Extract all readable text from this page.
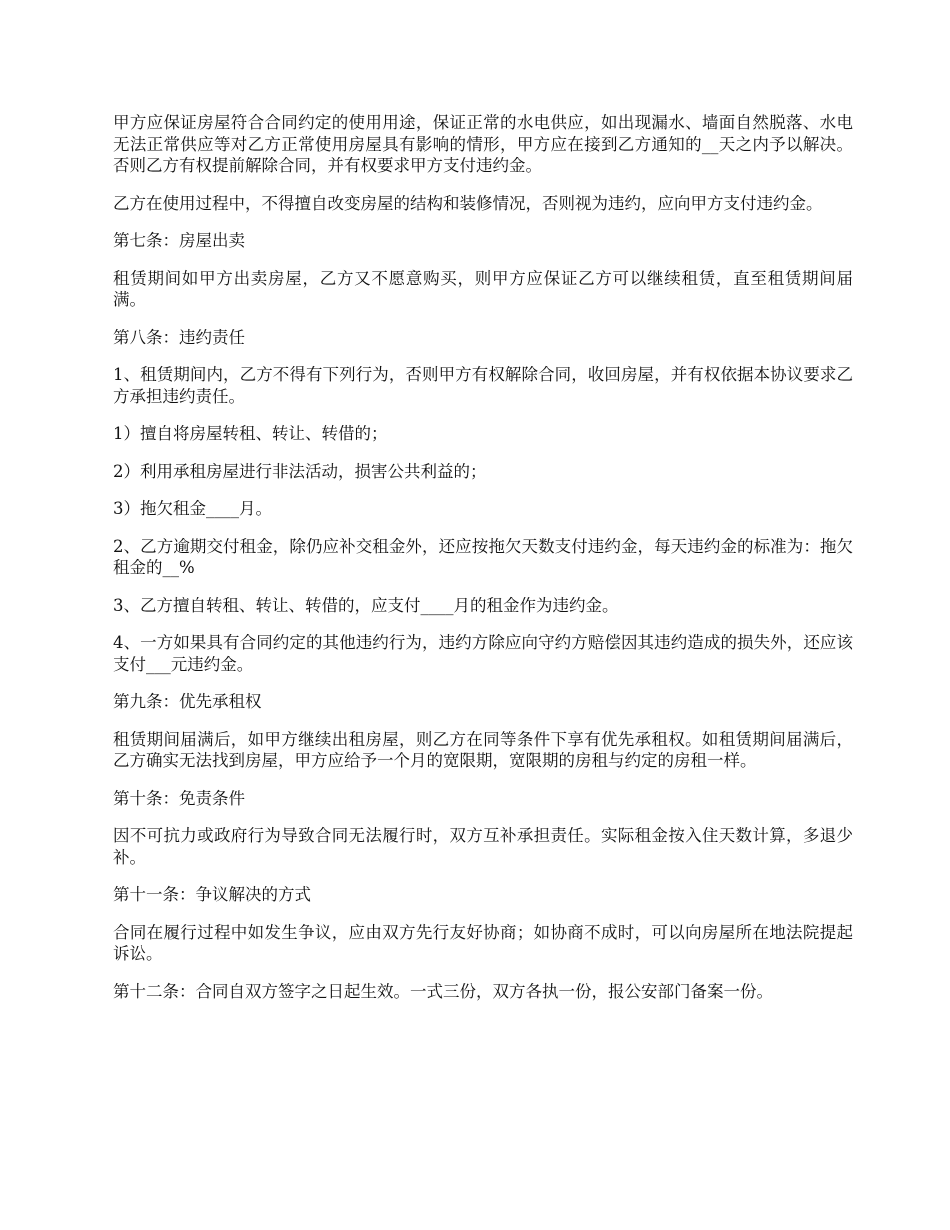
甲方应保证房屋符合合同约定的使用用途，保证正常的水电供应，如出现漏水、墙面自然脱落、水电无法正常供应等对乙方正常使用房屋具有影响的情形，甲方应在接到乙方通知的__天之内予以解决。否则乙方有权提前解除合同，并有权要求甲方支付违约金。

乙方在使用过程中，不得擅自改变房屋的结构和装修情况，否则视为违约，应向甲方支付违约金。

第七条：房屋出卖

租赁期间如甲方出卖房屋，乙方又不愿意购买，则甲方应保证乙方可以继续租赁，直至租赁期间届满。

第八条：违约责任

1、租赁期间内，乙方不得有下列行为，否则甲方有权解除合同，收回房屋，并有权依据本协议要求乙方承担违约责任。

1）擅自将房屋转租、转让、转借的；

2）利用承租房屋进行非法活动，损害公共利益的；

3）拖欠租金____月。

2、乙方逾期交付租金，除仍应补交租金外，还应按拖欠天数支付违约金，每天违约金的标准为：拖欠租金的__%

3、乙方擅自转租、转让、转借的，应支付____月的租金作为违约金。

4、一方如果具有合同约定的其他违约行为，违约方除应向守约方赔偿因其违约造成的损失外，还应该支付___元违约金。

第九条：优先承租权

租赁期间届满后，如甲方继续出租房屋，则乙方在同等条件下享有优先承租权。如租赁期间届满后，乙方确实无法找到房屋，甲方应给予一个月的宽限期，宽限期的房租与约定的房租一样。

第十条：免责条件

因不可抗力或政府行为导致合同无法履行时，双方互补承担责任。实际租金按入住天数计算，多退少补。

第十一条：争议解决的方式

合同在履行过程中如发生争议，应由双方先行友好协商；如协商不成时，可以向房屋所在地法院提起诉讼。

第十二条：合同自双方签字之日起生效。一式三份，双方各执一份，报公安部门备案一份。
